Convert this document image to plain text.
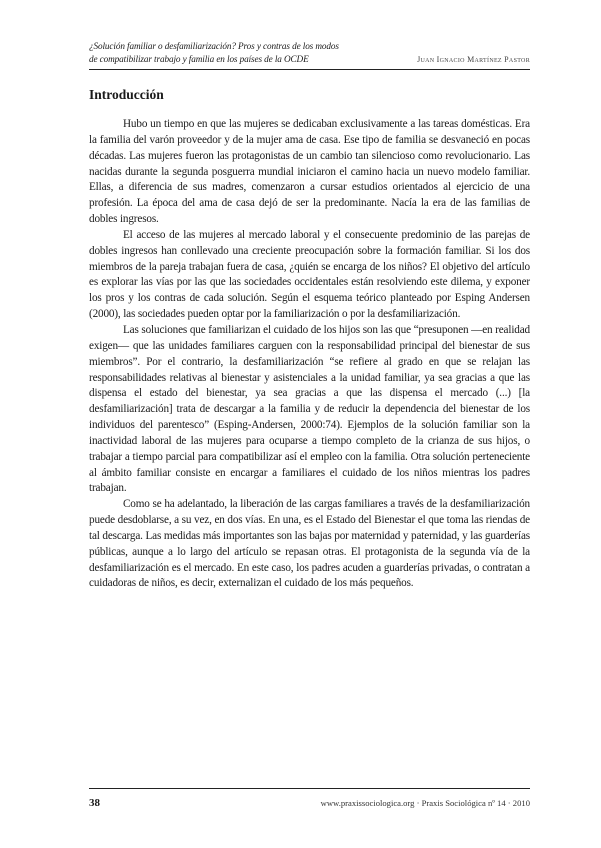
¿Solución familiar o desfamiliarización? Pros y contras de los modos
de compatibilizar trabajo y familia en los países de la OCDE	Juan Ignacio Martínez Pastor
Introducción

Hubo un tiempo en que las mujeres se dedicaban exclusivamente a las tareas domésticas. Era la familia del varón proveedor y de la mujer ama de casa. Ese tipo de familia se desvaneció en pocas décadas. Las mujeres fueron las protagonistas de un cambio tan silencioso como revolucionario. Las nacidas durante la segunda posguerra mundial iniciaron el camino hacia un nuevo modelo familiar. Ellas, a diferencia de sus madres, comenzaron a cursar estudios orientados al ejercicio de una profesión. La época del ama de casa dejó de ser la predominante. Nacía la era de las familias de dobles ingresos.

El acceso de las mujeres al mercado laboral y el consecuente predominio de las parejas de dobles ingresos han conllevado una creciente preocupación sobre la formación familiar. Si los dos miembros de la pareja trabajan fuera de casa, ¿quién se encarga de los niños? El objetivo del artículo es explorar las vías por las que las sociedades occidentales están resolviendo este dilema, y exponer los pros y los contras de cada solución. Según el esquema teórico planteado por Esping Andersen (2000), las sociedades pueden optar por la familiarización o por la desfamiliarización.

Las soluciones que familiarizan el cuidado de los hijos son las que “presuponen —en realidad exigen— que las unidades familiares carguen con la responsabilidad principal del bienestar de sus miembros”. Por el contrario, la desfamiliarización “se refiere al grado en que se relajan las responsabilidades relativas al bienestar y asistenciales a la unidad familiar, ya sea gracias a que las dispensa el estado del bienestar, ya sea gracias a que las dispensa el mercado (...) [la desfamiliarización] trata de descargar a la familia y de reducir la dependencia del bienestar de los individuos del parentesco” (Esping-Andersen, 2000:74). Ejemplos de la solución familiar son la inactividad laboral de las mujeres para ocuparse a tiempo completo de la crianza de sus hijos, o trabajar a tiempo parcial para compatibilizar así el empleo con la familia. Otra solución perteneciente al ámbito familiar consiste en encargar a familiares el cuidado de los niños mientras los padres trabajan.

Como se ha adelantado, la liberación de las cargas familiares a través de la desfamiliarización puede desdoblarse, a su vez, en dos vías. En una, es el Estado del Bienestar el que toma las riendas de tal descarga. Las medidas más importantes son las bajas por maternidad y paternidad, y las guarderías públicas, aunque a lo largo del artículo se repasan otras. El protagonista de la segunda vía de la desfamiliarización es el mercado. En este caso, los padres acuden a guarderías privadas, o contratan a cuidadoras de niños, es decir, externalizan el cuidado de los más pequeños.

38	www.praxissociologica.org · Praxis Sociológica nº 14 · 2010
